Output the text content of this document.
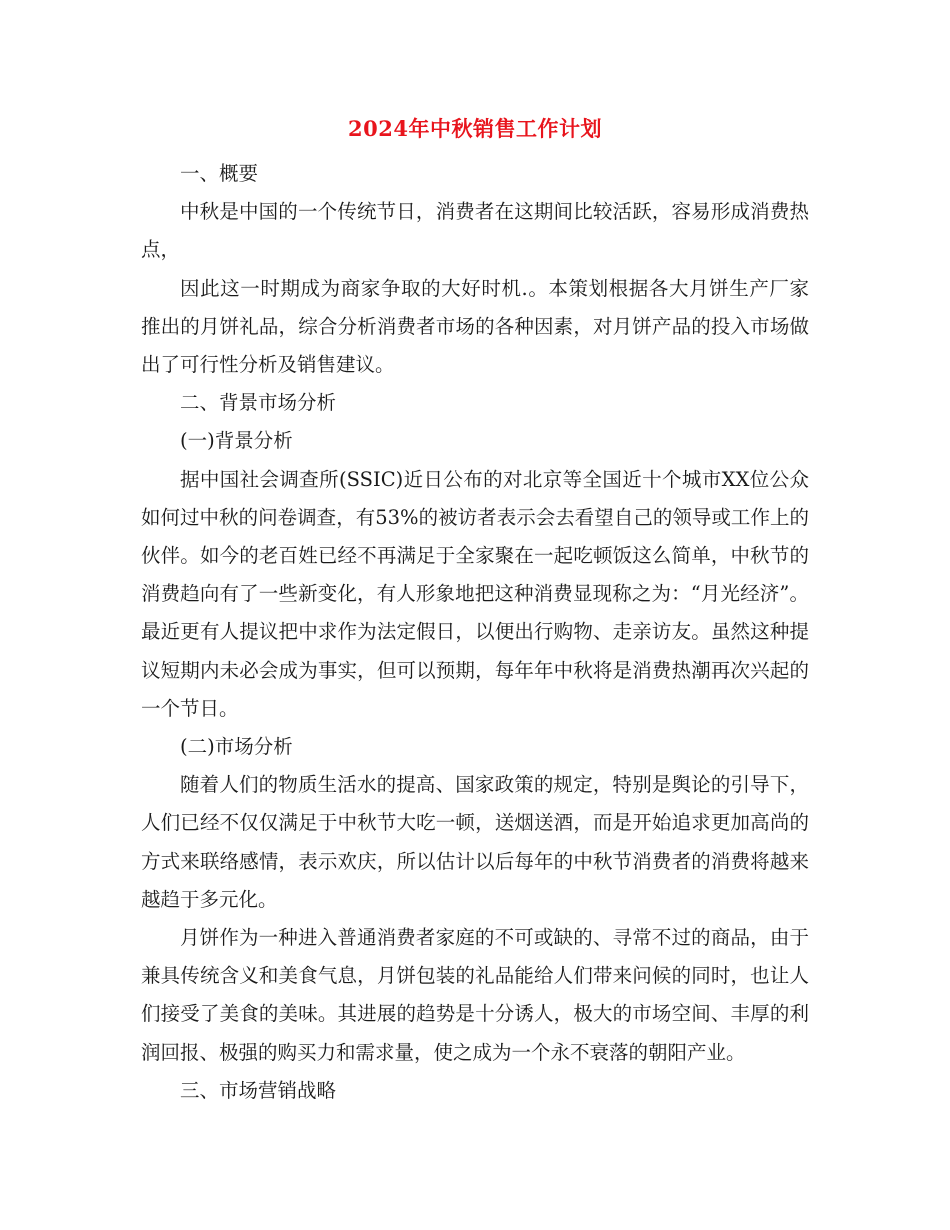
2024年中秋销售工作计划

一、概要

中秋是中国的一个传统节日，消费者在这期间比较活跃，容易形成消费热点，

因此这一时期成为商家争取的大好时机.。本策划根据各大月饼生产厂家推出的月饼礼品，综合分析消费者市场的各种因素，对月饼产品的投入市场做出了可行性分析及销售建议。

二、背景市场分析

(一)背景分析

据中国社会调查所(SSIC)近日公布的对北京等全国近十个城市XX位公众如何过中秋的问卷调查，有53%的被访者表示会去看望自己的领导或工作上的伙伴。如今的老百姓已经不再满足于全家聚在一起吃顿饭这么简单，中秋节的消费趋向有了一些新变化，有人形象地把这种消费显现称之为：“月光经济”。最近更有人提议把中求作为法定假日，以便出行购物、走亲访友。虽然这种提议短期内未必会成为事实，但可以预期，每年年中秋将是消费热潮再次兴起的一个节日。

(二)市场分析

随着人们的物质生活水的提高、国家政策的规定，特别是舆论的引导下，人们已经不仅仅满足于中秋节大吃一顿，送烟送酒，而是开始追求更加高尚的方式来联络感情，表示欢庆，所以估计以后每年的中秋节消费者的消费将越来越趋于多元化。

月饼作为一种进入普通消费者家庭的不可或缺的、寻常不过的商品，由于兼具传统含义和美食气息，月饼包装的礼品能给人们带来问候的同时，也让人们接受了美食的美味。其进展的趋势是十分诱人，极大的市场空间、丰厚的利润回报、极强的购买力和需求量，使之成为一个永不衰落的朝阳产业。

三、市场营销战略
